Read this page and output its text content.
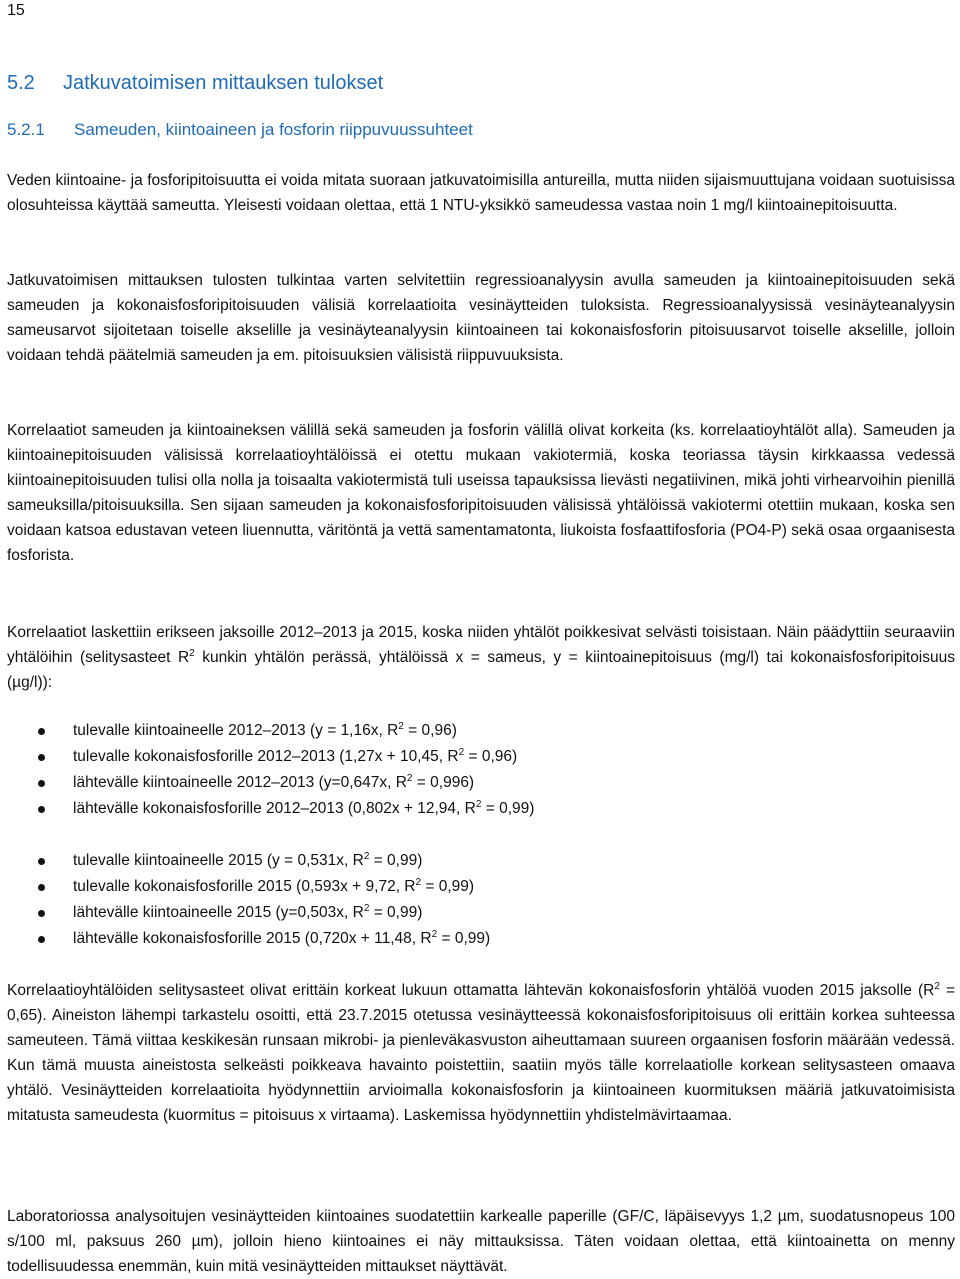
15
5.2 Jatkuvatoimisen mittauksen tulokset
5.2.1 Sameuden, kiintoaineen ja fosforin riippuvuussuhteet

Veden kiintoaine- ja fosforipitoisuutta ei voida mitata suoraan jatkuvatoimisilla antureilla, mutta niiden sijaismuuttujana voidaan suotuisissa olosuhteissa käyttää sameutta. Yleisesti voidaan olettaa, että 1 NTU-yksikkö sameudessa vastaa noin 1 mg/l kiintoainepitoisuutta.

Jatkuvatoimisen mittauksen tulosten tulkintaa varten selvitettiin regressioanalyysin avulla sameuden ja kiintoainepitoisuuden sekä sameuden ja kokonaisfosforipitoisuuden välisiä korrelaatioita vesinäytteiden tuloksista. Regressioanalyysissä vesinäyteanalyysin sameusarvot sijoitetaan toiselle akselille ja vesinäyteanalyysin kiintoaineen tai kokonaisfosforin pitoisuusarvot toiselle akselille, jolloin voidaan tehdä päätelmiä sameuden ja em. pitoisuuksien välisistä riippuvuuksista.

Korrelaatiot sameuden ja kiintoaineksen välillä sekä sameuden ja fosforin välillä olivat korkeita (ks. korrelaatioyhtälöt alla). Sameuden ja kiintoainepitoisuuden välisissä korrelaatioyhtälöissä ei otettu mukaan vakiotermiä, koska teoriassa täysin kirkkaassa vedessä kiintoainepitoisuuden tulisi olla nolla ja toisaalta vakiotermistä tuli useissa tapauksissa lievästi negatiivinen, mikä johti virhearvoihin pienillä sameuksilla/pitoisuuksilla. Sen sijaan sameuden ja kokonaisfosforipitoisuuden välisissä yhtälöissä vakiotermi otettiin mukaan, koska sen voidaan katsoa edustavan veteen liuennutta, väritöntä ja vettä samentamatonta, liukoista fosfaattifosforia (PO4-P) sekä osaa orgaanisesta fosforista.

Korrelaatiot laskettiin erikseen jaksoille 2012–2013 ja 2015, koska niiden yhtälöt poikkesivat selvästi toisistaan. Näin päädyttiin seuraaviin yhtälöihin (selitysasteet $R^2$ kunkin yhtälön perässä, yhtälöissä x = sameus, y = kiintoainepitoisuus (mg/l) tai kokonaisfosforipitoisuus (µg/l)):

tulevalle kiintoaineelle 2012–2013 (y = 1,16x, $R^2 = 0,96$)
tulevalle kokonaisfosforille 2012–2013 (1,27x + 10,45, $R^2 = 0,96$)
lähtevälle kiintoaineelle 2012–2013 (y=0,647x, $R^2 = 0,996$)
lähtevälle kokonaisfosforille 2012–2013 (0,802x + 12,94, $R^2 = 0,99$)
tulevalle kiintoaineelle 2015 (y = 0,531x, $R^2 = 0,99$)
tulevalle kokonaisfosforille 2015 (0,593x + 9,72, $R^2 = 0,99$)
lähtevälle kiintoaineelle 2015 (y=0,503x, $R^2 = 0,99$)
lähtevälle kokonaisfosforille 2015 (0,720x + 11,48, $R^2 = 0,99$)

Korrelaatioyhtälöiden selitysasteet olivat erittäin korkeat lukuun ottamatta lähtevän kokonaisfosforin yhtälöä vuoden 2015 jaksolle $(R^2 = 0,65)$. Aineiston lähempi tarkastelu osoitti, että 23.7.2015 otetussa vesinäytteessä kokonaisfosforipitoisuus oli erittäin korkea suhteessa sameuteen. Tämä viittaa keskikesän runsaan mikrobi- ja pienleväkasvuston aiheuttamaan suureen orgaanisen fosforin määrään vedessä. Kun tämä muusta aineistosta selkeästi poikkeava havainto poistettiin, saatiin myös tälle korrelaatiolle korkean selitysasteen omaava yhtälö. Vesinäytteiden korrelaatioita hyödynnettiin arvioimalla kokonaisfosforin ja kiintoaineen kuormituksen määriä jatkuvatoimisista mitatusta sameudesta (kuormitus = pitoisuus x virtaama). Laskemissa hyödynnettiin yhdistelmävirtaamaa.

Laboratoriossa analysoitujen vesinäytteiden kiintoaines suodatettiin karkealle paperille (GF/C, läpäisevyys 1,2 µm, suodatusnopeus 100 s/100 ml, paksuus 260 µm), jolloin hieno kiintoaines ei näy mittauksissa. Täten voidaan olettaa, että kiintoainetta on menny todellisuudessa enemmän, kuin mitä vesinäytteiden mittaukset näyttävät.
